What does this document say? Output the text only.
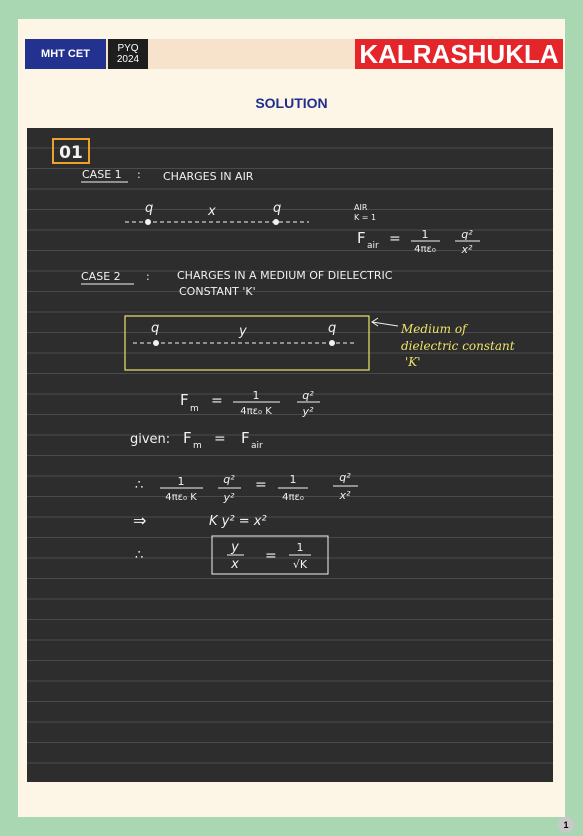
MHT CET	PYQ
2024	KALRASHUKLA
SOLUTION
01
CASE 1 : CHARGES IN AIR
q	q
x	AIR
K = 1
F air = 1
4πε₀
q²
x²
CASE 2 : CHARGES IN A MEDIUM OF DIELECTRIC
CONSTANT 'K'
q	q
y	Medium of
dielectric constant
'K'
F m =	1
4πε₀ K
q²
y²
given: F m = F air
∴	1
4πε₀ K
q²
y²
= 1
4πε₀
q²
x²
⇒	K y² = x²
∴
y
x
=
1
√K
1
